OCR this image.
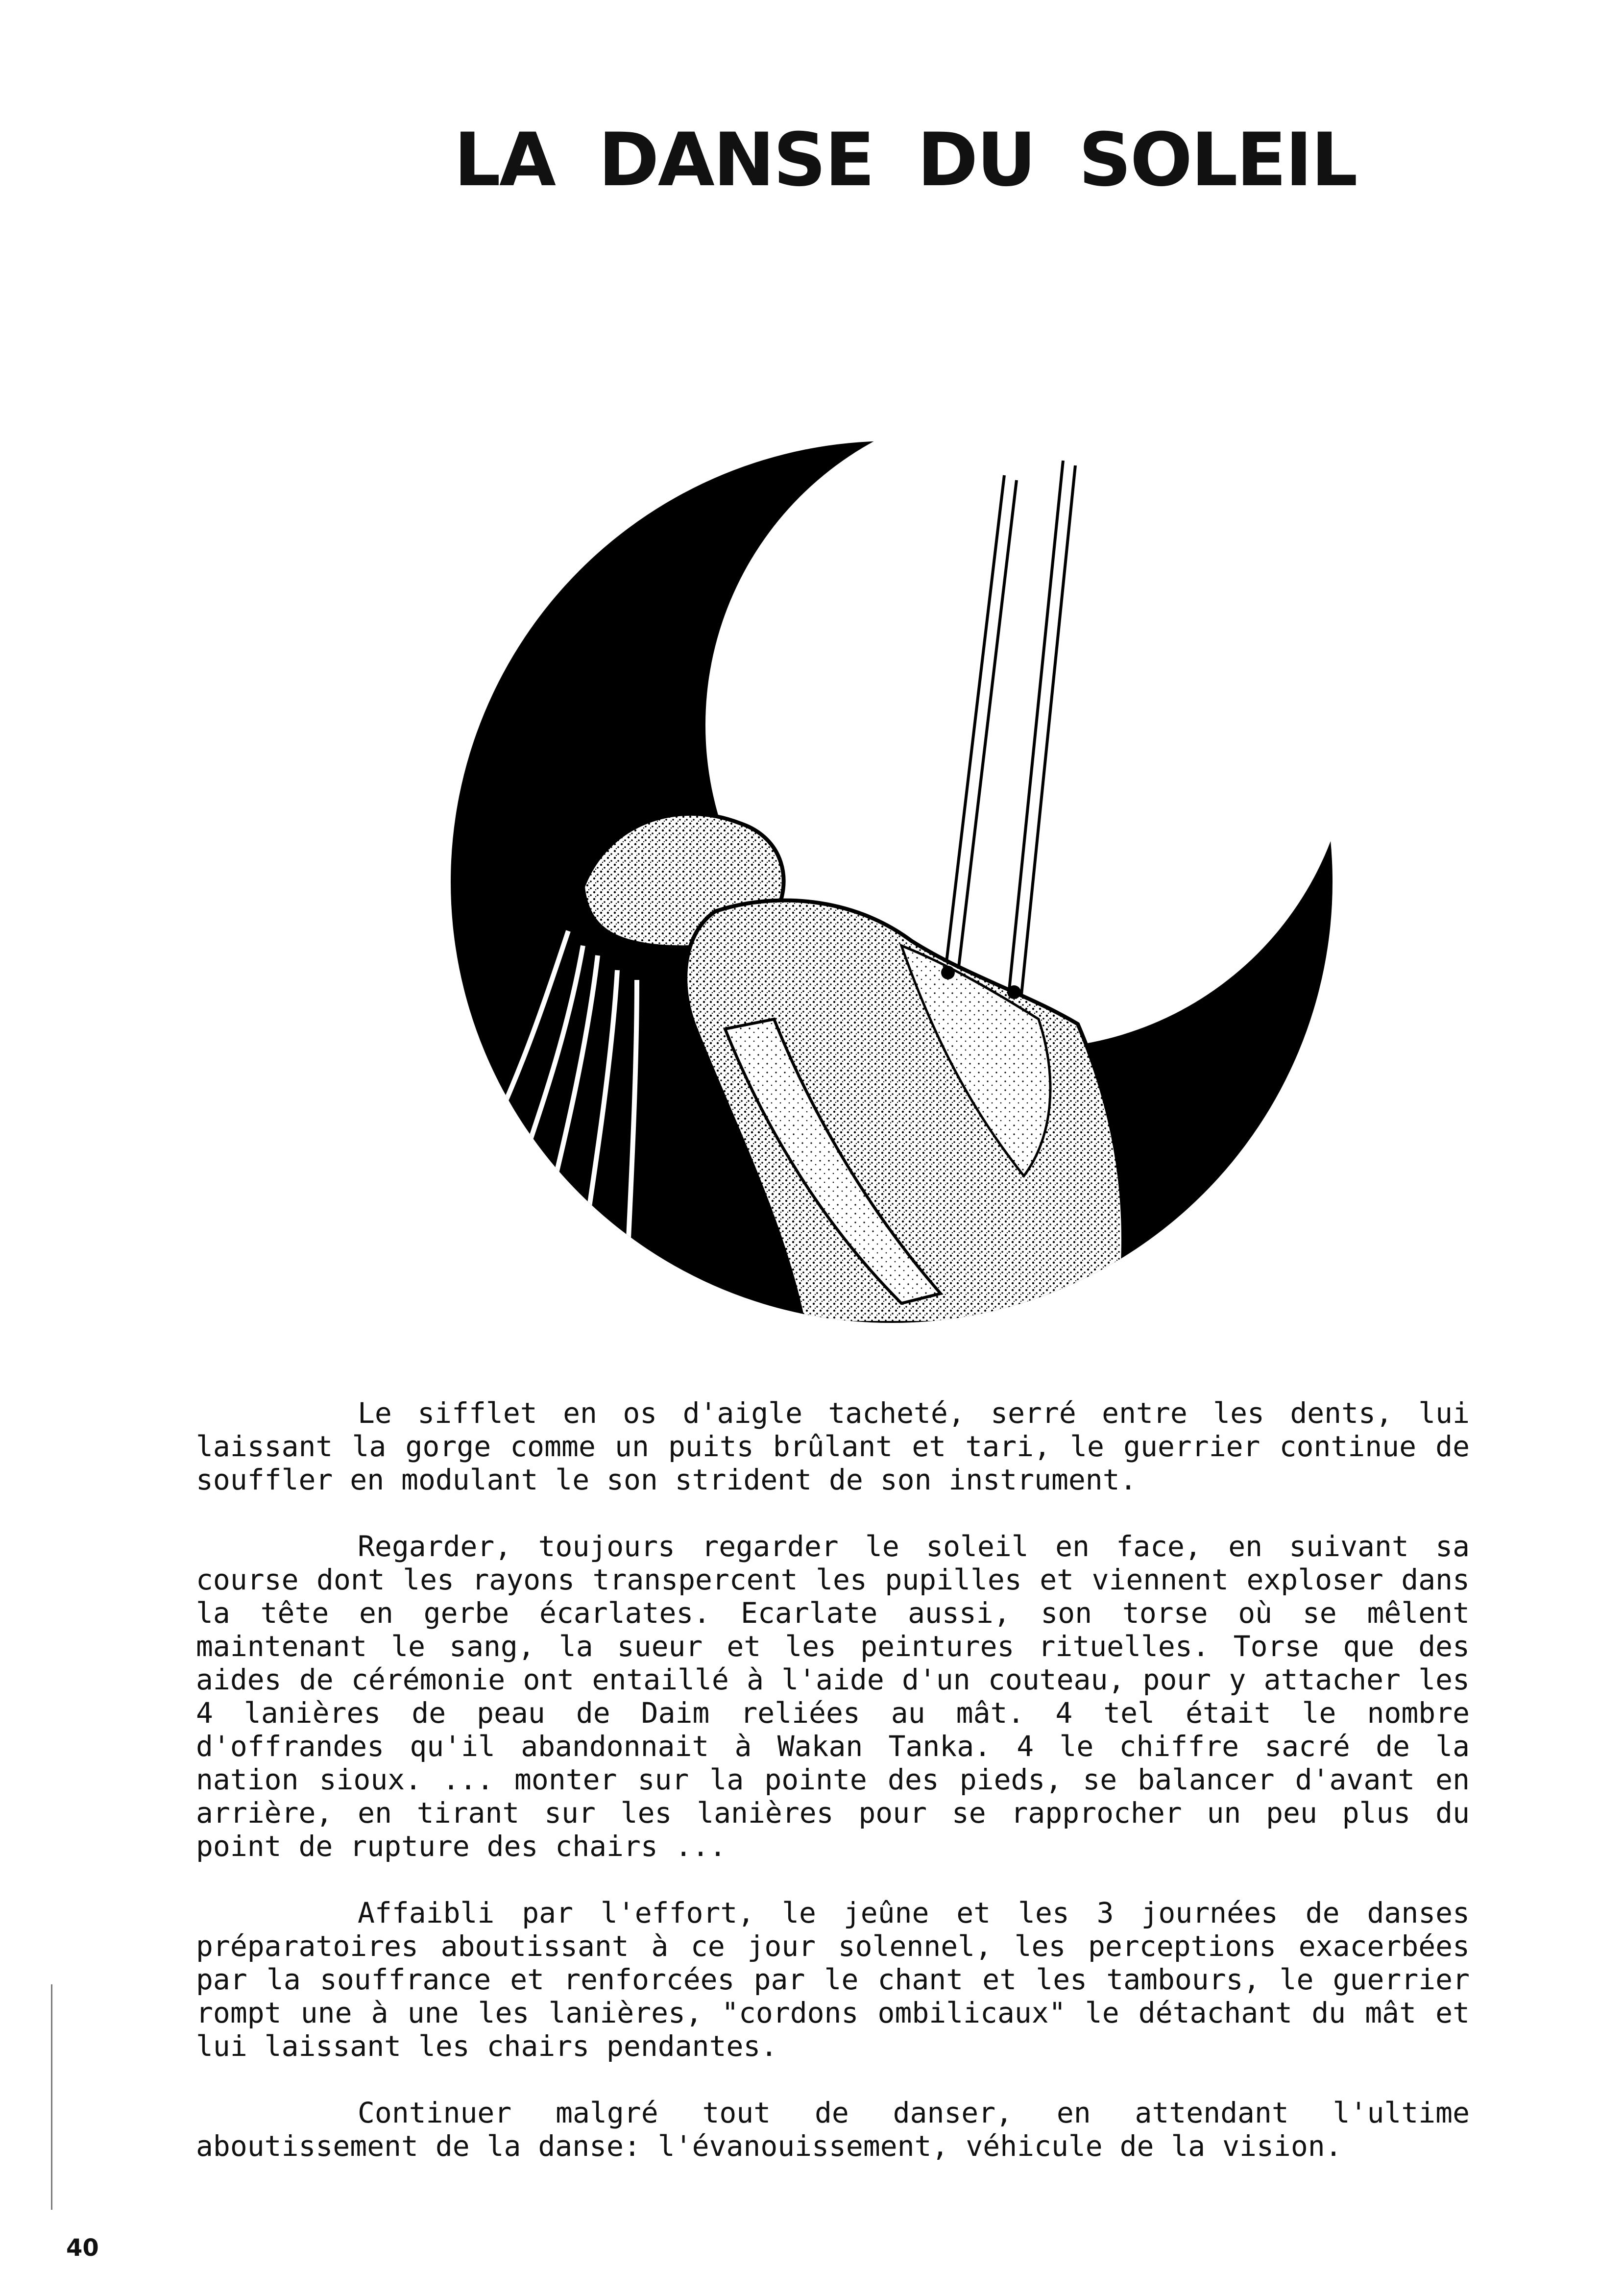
LA DANSE DU SOLEIL

Le sifflet en os d'aigle tacheté, serré entre les dents, lui laissant la gorge comme un puits brûlant et tari, le guerrier continue de souffler en modulant le son strident de son instrument.

Regarder, toujours regarder le soleil en face, en suivant sa course dont les rayons transpercent les pupilles et viennent exploser dans la tête en gerbe écarlates. Ecarlate aussi, son torse où se mêlent maintenant le sang, la sueur et les peintures rituelles. Torse que des aides de cérémonie ont entaillé à l'aide d'un couteau, pour y attacher les 4 lanières de peau de Daim reliées au mât. 4 tel était le nombre d'offrandes qu'il abandonnait à Wakan Tanka. 4 le chiffre sacré de la nation sioux. ... monter sur la pointe des pieds, se balancer d'avant en arrière, en tirant sur les lanières pour se rapprocher un peu plus du point de rupture des chairs ...

Affaibli par l'effort, le jeûne et les 3 journées de danses préparatoires aboutissant à ce jour solennel, les perceptions exacerbées par la souffrance et renforcées par le chant et les tambours, le guerrier rompt une à une les lanières, "cordons ombilicaux" le détachant du mât et lui laissant les chairs pendantes.

Continuer malgré tout de danser, en attendant l'ultime aboutissement de la danse: l'évanouissement, véhicule de la vision.

40
